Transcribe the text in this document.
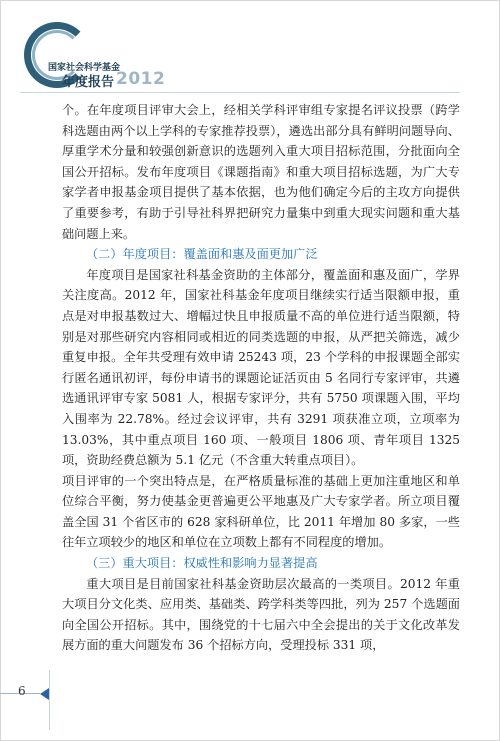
国家社会科学基金
年度报告 2012

个。在年度项目评审大会上，经相关学科评审组专家提名评议投票（跨学科选题由两个以上学科的专家推荐投票），遴选出部分具有鲜明问题导向、厚重学术分量和较强创新意识的选题列入重大项目招标范围，分批面向全国公开招标。发布年度项目《课题指南》和重大项目招标选题，为广大专家学者申报基金项目提供了基本依据，也为他们确定今后的主攻方向提供了重要参考，有助于引导社科界把研究力量集中到重大现实问题和重大基础问题上来。

（二）年度项目：覆盖面和惠及面更加广泛

年度项目是国家社科基金资助的主体部分，覆盖面和惠及面广，学界关注度高。2012 年，国家社科基金年度项目继续实行适当限额申报，重点是对申报基数过大、增幅过快且申报质量不高的单位进行适当限额，特别是对那些研究内容相同或相近的同类选题的申报，从严把关筛选，减少重复申报。全年共受理有效申请 25243 项，23 个学科的申报课题全部实行匿名通讯初评，每份申请书的课题论证活页由 5 名同行专家评审，共遴选通讯评审专家 5081 人，根据专家评分，共有 5750 项课题入围，平均入围率为 22.78%。经过会议评审，共有 3291 项获准立项，立项率为 13.03%，其中重点项目 160 项、一般项目 1806 项、青年项目 1325 项，资助经费总额为 5.1 亿元（不含重大转重点项目）。

项目评审的一个突出特点是，在严格质量标准的基础上更加注重地区和单位综合平衡，努力使基金更普遍更公平地惠及广大专家学者。所立项目覆盖全国 31 个省区市的 628 家科研单位，比 2011 年增加 80 多家，一些往年立项较少的地区和单位在立项数上都有不同程度的增加。

（三）重大项目：权威性和影响力显著提高

重大项目是目前国家社科基金资助层次最高的一类项目。2012 年重大项目分文化类、应用类、基础类、跨学科类等四批，列为 257 个选题面向全国公开招标。其中，围绕党的十七届六中全会提出的关于文化改革发展方面的重大问题发布 36 个招标方向，受理投标 331 项，

6
